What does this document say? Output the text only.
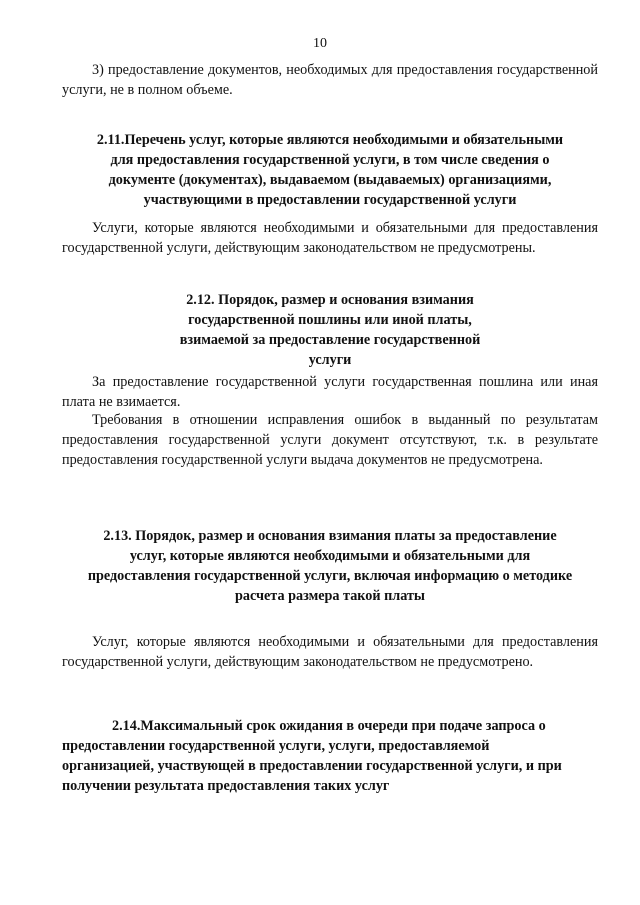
10

3) предоставление документов, необходимых для предоставления государственной услуги, не в полном объеме.

2.11.Перечень услуг, которые являются необходимыми и обязательными
для предоставления государственной услуги, в том числе сведения о
документе (документах), выдаваемом (выдаваемых) организациями,
участвующими в предоставлении государственной услуги

Услуги, которые являются необходимыми и обязательными для предоставления государственной услуги, действующим законодательством не предусмотрены.

2.12. Порядок, размер и основания взимания
государственной пошлины или иной платы,
взимаемой за предоставление государственной
услуги

За предоставление государственной услуги государственная пошлина или иная плата не взимается.

Требования в отношении исправления ошибок в выданный по результатам предоставления государственной услуги документ отсутствуют, т.к. в результате предоставления государственной услуги выдача документов не предусмотрена.

2.13. Порядок, размер и основания взимания платы за предоставление
услуг, которые являются необходимыми и обязательными для
предоставления государственной услуги, включая информацию о методике
расчета размера такой платы

Услуг, которые являются необходимыми и обязательными для предоставления государственной услуги, действующим законодательством не предусмотрено.

2.14.Максимальный срок ожидания в очереди при подаче запроса о
предоставлении государственной услуги, услуги, предоставляемой
организацией, участвующей в предоставлении государственной услуги, и при
получении результата предоставления таких услуг
